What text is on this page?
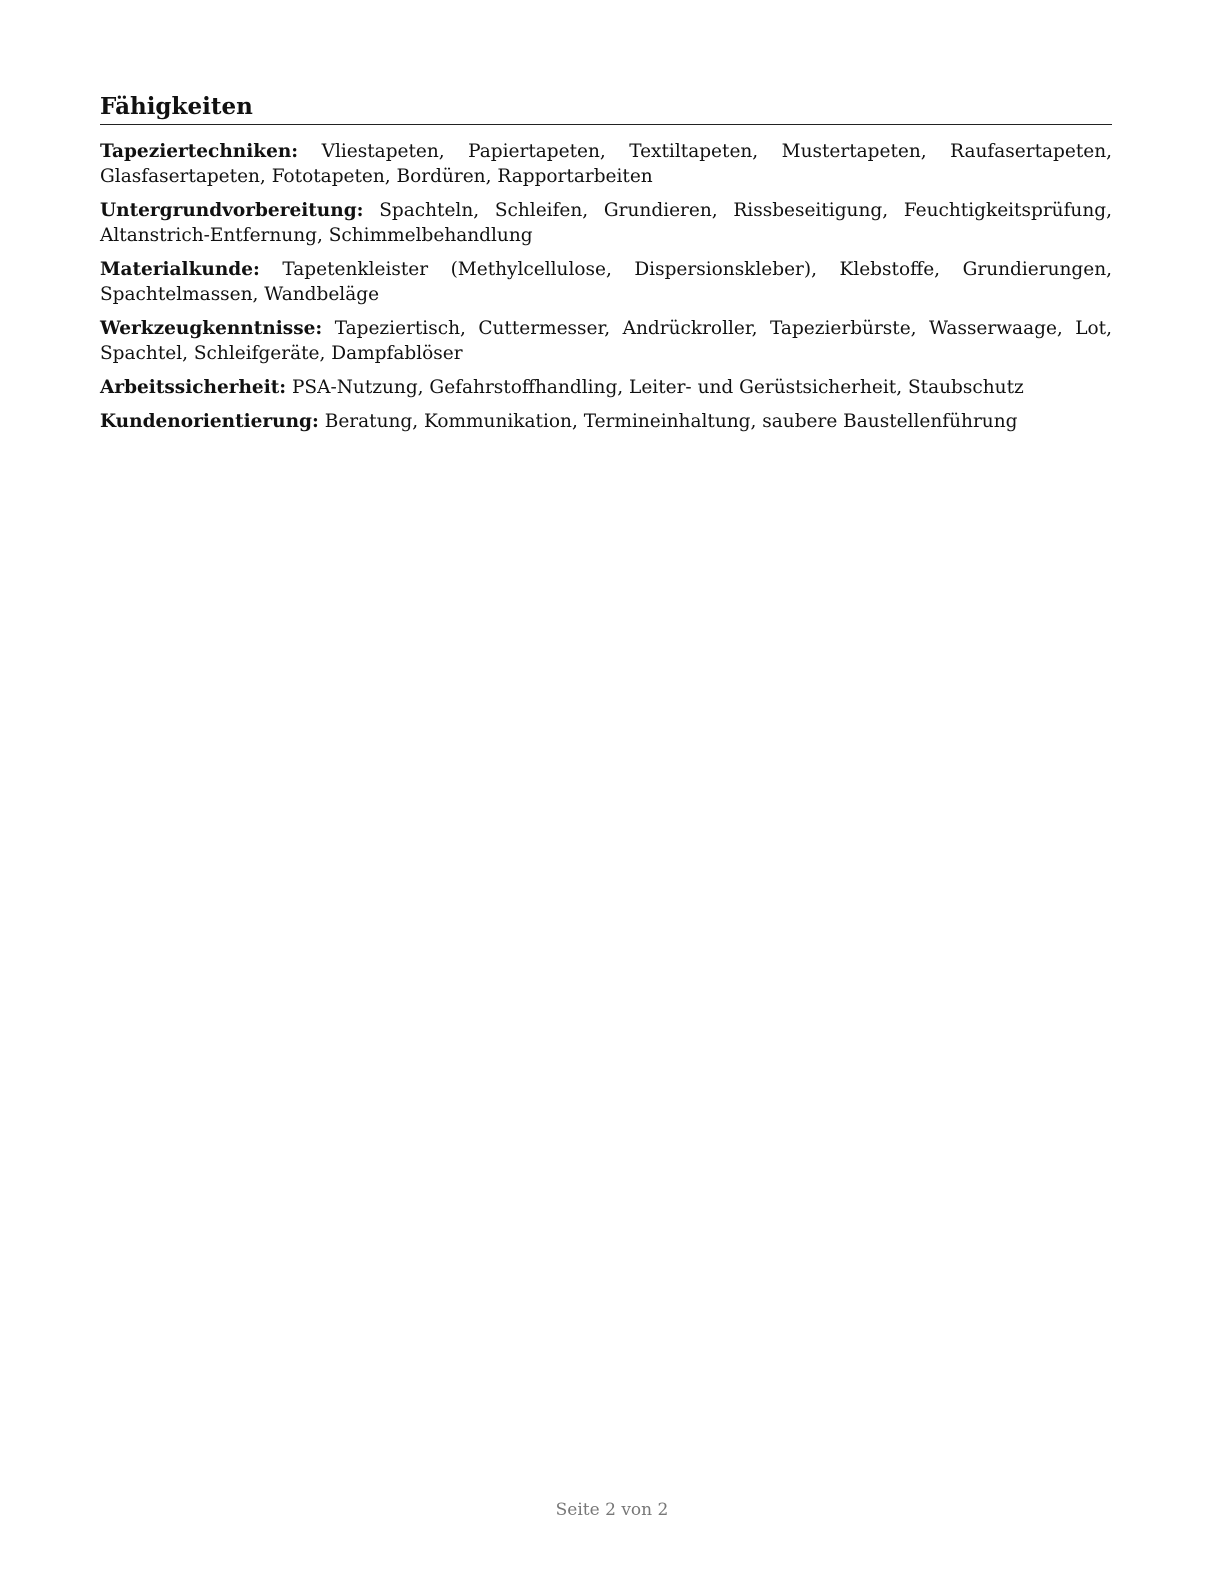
Fähigkeiten

Tapeziertechniken: Vliestapeten, Papiertapeten, Textiltapeten, Mustertapeten, Raufasertapeten, Glasfasertapeten, Fototapeten, Bordüren, Rapportarbeiten

Untergrundvorbereitung: Spachteln, Schleifen, Grundieren, Rissbeseitigung, Feuchtigkeitsprüfung, Altanstrich-Entfernung, Schimmelbehandlung

Materialkunde: Tapetenkleister (Methylcellulose, Dispersionskleber), Klebstoffe, Grundierungen, Spachtelmassen, Wandbeläge

Werkzeugkenntnisse: Tapeziertisch, Cuttermesser, Andrückroller, Tapezierbürste, Wasserwaage, Lot, Spachtel, Schleifgeräte, Dampfablöser

Arbeitssicherheit: PSA-Nutzung, Gefahrstoffhandling, Leiter- und Gerüstsicherheit, Staubschutz

Kundenorientierung: Beratung, Kommunikation, Termineinhaltung, saubere Baustellenführung

Seite 2 von 2
